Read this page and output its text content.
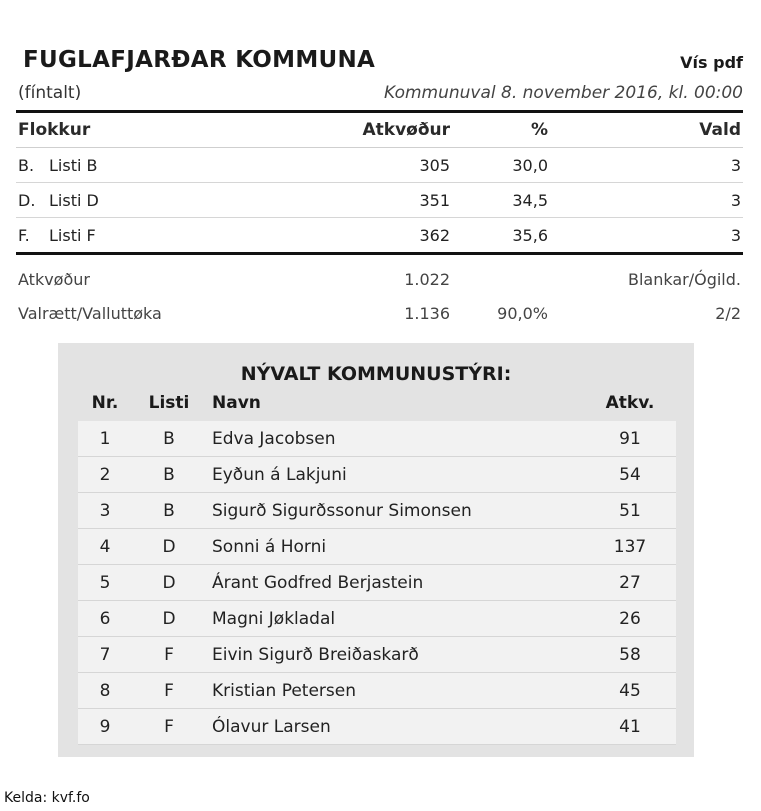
FUGLAFJARÐAR KOMMUNA	Vís pdf
(fíntalt)	Kommunuval 8. november 2016, kl. 00:00
Flokkur	Atkvøður	%	Vald
B. Listi B	305	30,0	3
D. Listi D	351	34,5	3
F. Listi F	362	35,6	3
Atkvøður	1.022		Blankar/Ógild.
Valrætt/Valluttøka	1.136	90,0%	2/2
NÝVALT KOMMUNUSTÝRI:
Nr.	Listi	Navn	Atkv.
1	B	Edva Jacobsen	91
2	B	Eyðun á Lakjuni	54
3	B	Sigurð Sigurðssonur Simonsen	51
4	D	Sonni á Horni	137
5	D	Árant Godfred Berjastein	27
6	D	Magni Jøkladal	26
7	F	Eivin Sigurð Breiðaskarð	58
8	F	Kristian Petersen	45
9	F	Ólavur Larsen	41
Kelda: kvf.fo
